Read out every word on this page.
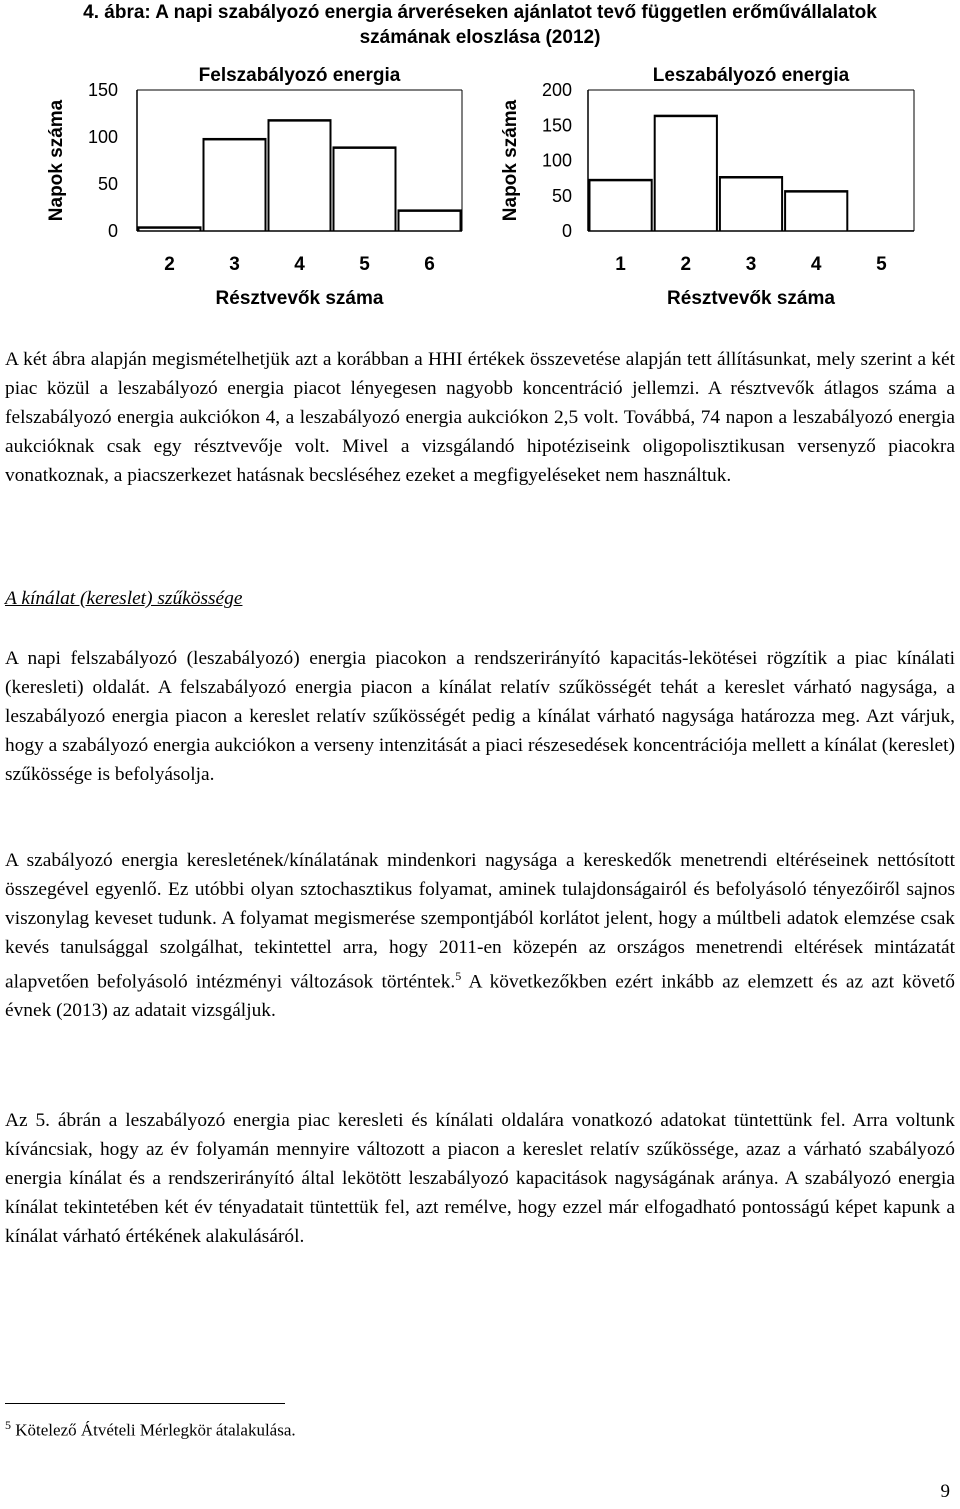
4. ábra: A napi szabályozó energia árveréseken ajánlatot tevő független erőművállalatok
számának eloszlása (2012)
Felszabályozó energia
Napok száma
150
100
50
0
2	3	4	5	6
Résztvevők száma
Leszabályozó energia
Napok száma
200
150
100
50
0
1	2	3	4	5
Résztvevők száma

A két ábra alapján megismételhetjük azt a korábban a HHI értékek összevetése alapján tett állításunkat, mely szerint a két piac közül a leszabályozó energia piacot lényegesen nagyobb koncentráció jellemzi. A résztvevők átlagos száma a felszabályozó energia aukciókon 4, a leszabályozó energia aukciókon 2,5 volt. Továbbá, 74 napon a leszabályozó energia aukcióknak csak egy résztvevője volt. Mivel a vizsgálandó hipotéziseink oligopolisztikusan versenyző piacokra vonatkoznak, a piacszerkezet hatásnak becsléséhez ezeket a megfigyeléseket nem használtuk.

A kínálat (kereslet) szűkössége

A napi felszabályozó (leszabályozó) energia piacokon a rendszerirányító kapacitás-lekötései rögzítik a piac kínálati (keresleti) oldalát. A felszabályozó energia piacon a kínálat relatív szűkösségét tehát a kereslet várható nagysága, a leszabályozó energia piacon a kereslet relatív szűkösségét pedig a kínálat várható nagysága határozza meg. Azt várjuk, hogy a szabályozó energia aukciókon a verseny intenzitását a piaci részesedések koncentrációja mellett a kínálat (kereslet) szűkössége is befolyásolja.

A szabályozó energia keresletének/kínálatának mindenkori nagysága a kereskedők menetrendi eltéréseinek nettósított összegével egyenlő. Ez utóbbi olyan sztochasztikus folyamat, aminek tulajdonságairól és befolyásoló tényezőiről sajnos viszonylag keveset tudunk. A folyamat megismerése szempontjából korlátot jelent, hogy a múltbeli adatok elemzése csak kevés tanulsággal szolgálhat, tekintettel arra, hogy 2011-en közepén az országos menetrendi eltérések mintázatát alapvetően befolyásoló intézményi változások történtek.$^5$ A következőkben ezért inkább az elemzett és az azt követő évnek (2013) az adatait vizsgáljuk.

Az 5. ábrán a leszabályozó energia piac keresleti és kínálati oldalára vonatkozó adatokat tüntettünk fel. Arra voltunk kíváncsiak, hogy az év folyamán mennyire változott a piacon a kereslet relatív szűkössége, azaz a várható szabályozó energia kínálat és a rendszerirányító által lekötött leszabályozó kapacitások nagyságának aránya. A szabályozó energia kínálat tekintetében két év tényadatait tüntettük fel, azt remélve, hogy ezzel már elfogadható pontosságú képet kapunk a kínálat várható értékének alakulásáról.

$^5$ Kötelező Átvételi Mérlegkör átalakulása.
9
